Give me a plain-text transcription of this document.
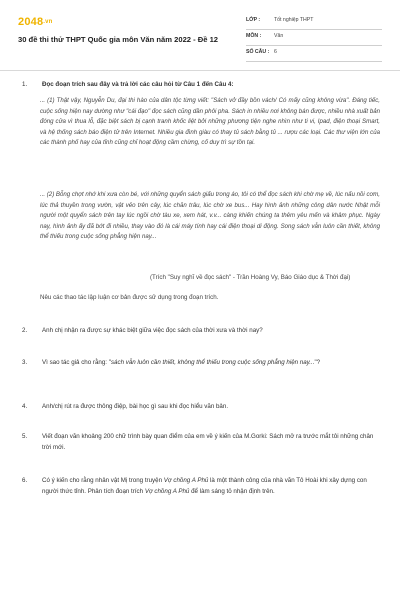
2048.vn
30 đề thi thử THPT Quốc gia môn Văn năm 2022 - Đề 12
LỚP :	Tốt nghiệp THPT
MÔN : Văn
SỐ CÂU : 6
1. Đọc đoạn trích sau đây và trả lời các câu hỏi từ Câu 1 đến Câu 4:
... (1) Thật vậy, Nguyễn Du, đại thi hào của dân tộc từng viết: "Sách vở đầy bồn vách/ Có mấy cũng không vừa". Đáng tiếc, cuộc sống hiện nay dường như "cái đạo" đọc sách cũng dần phôi pha. Sách in nhiều nơi không bán được, nhiều nhà xuất bản đóng cửa vì thua lỗ, đặc biệt sách bị cạnh tranh khốc liệt bởi những phương tiện nghe nhìn như ti vi, Ipad, điện thoại Smart, và hệ thống sách báo điện tử trên Internet. Nhiều gia đình giàu có thay tủ sách bằng tủ ... rượu các loại. Các thư viện lớn của các thành phố hay của tỉnh cũng chỉ hoạt động cầm chừng, cố duy trì sự tồn tại.
... (2) Bỗng chợt nhớ khi xưa còn bé, với những quyển sách giấu trong áo, tôi có thể đọc sách khi chờ mẹ về, lúc nấu nồi cơm, lúc thả thuyền trong vườn, vật vẻo trên cây, lúc chăn trâu, lúc chờ xe bus... Hay hình ảnh những công dân nước Nhật mỗi người một quyển sách trên tay lúc ngồi chờ tàu xe, xem hát, v.v... càng khiến chúng ta thêm yêu mến và khâm phục. Ngày nay, hình ảnh ấy đã bớt đi nhiều, thay vào đó là cái máy tính hay cái điện thoại di động. Song sách vẫn luôn cần thiết, không thể thiếu trong cuộc sống phẳng hiện nay...
(Trích "Suy nghĩ về đọc sách" - Trần Hoàng Vy, Báo Giáo dục & Thời đại)
Nêu các thao tác lập luận cơ bản được sử dụng trong đoạn trích.
2. Anh chị nhận ra được sự khác biệt giữa việc đọc sách của thời xưa và thời nay?
3. Vì sao tác giả cho rằng: "sách vẫn luôn cần thiết, không thể thiếu trong cuộc sống phẳng hiện nay..."?
4. Anh/chị rút ra được thông điệp, bài học gì sau khi đọc hiểu văn bản.
5. Viết đoạn văn khoảng 200 chữ trình bày quan điểm của em về ý kiến của M.Gorki: Sách mở ra trước mắt tôi những chân trời mới.
6. Có ý kiến cho rằng nhân vật Mị trong truyện Vợ chồng A Phủ là một thành công của nhà văn Tô Hoài khi xây dựng con người thức tỉnh. Phân tích đoạn trích Vợ chồng A Phủ để làm sáng tỏ nhận định trên.
